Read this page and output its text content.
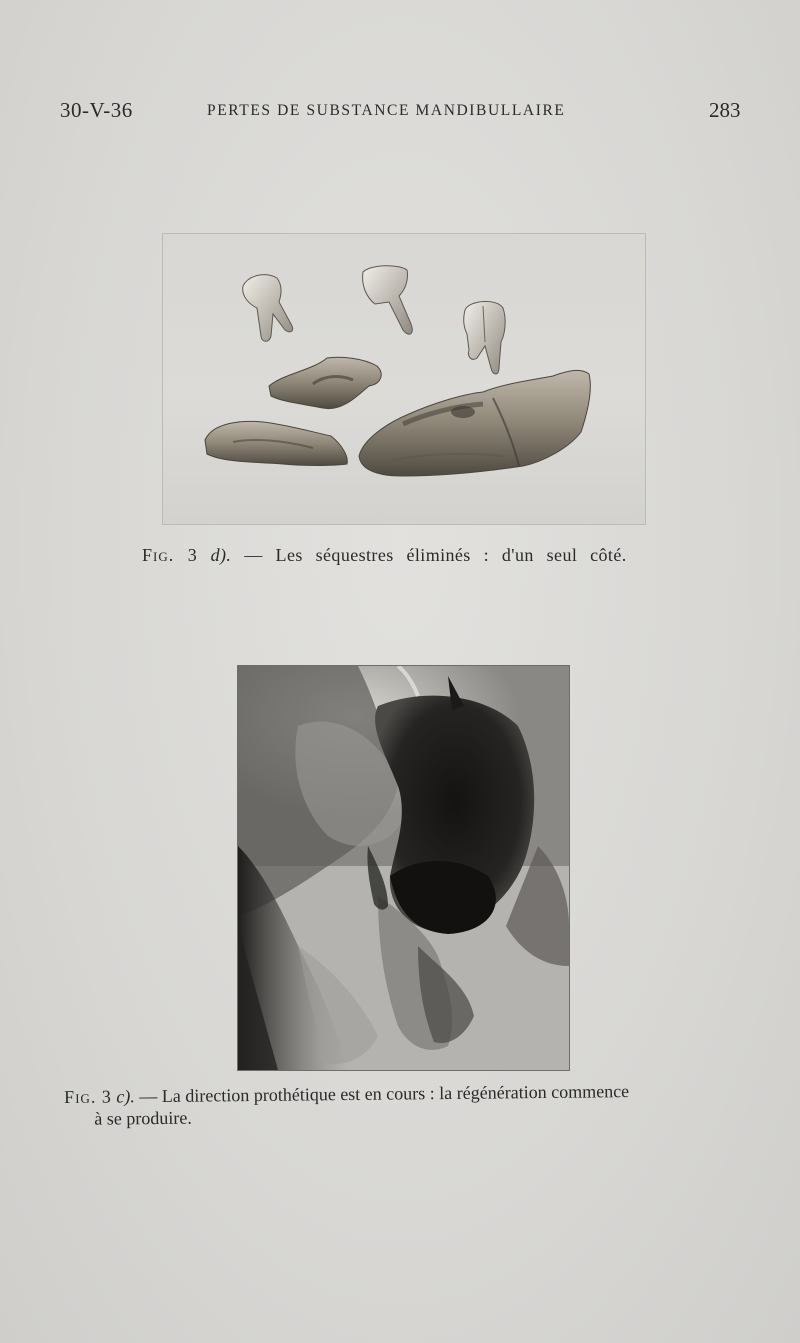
30-V-36	PERTES DE SUBSTANCE MANDIBULLAIRE	283
Fig. 3 d). — Les séquestres éliminés : d'un seul côté.
Fig. 3 c). — La direction prothétique est en cours : la régénération commence
à se produire.
